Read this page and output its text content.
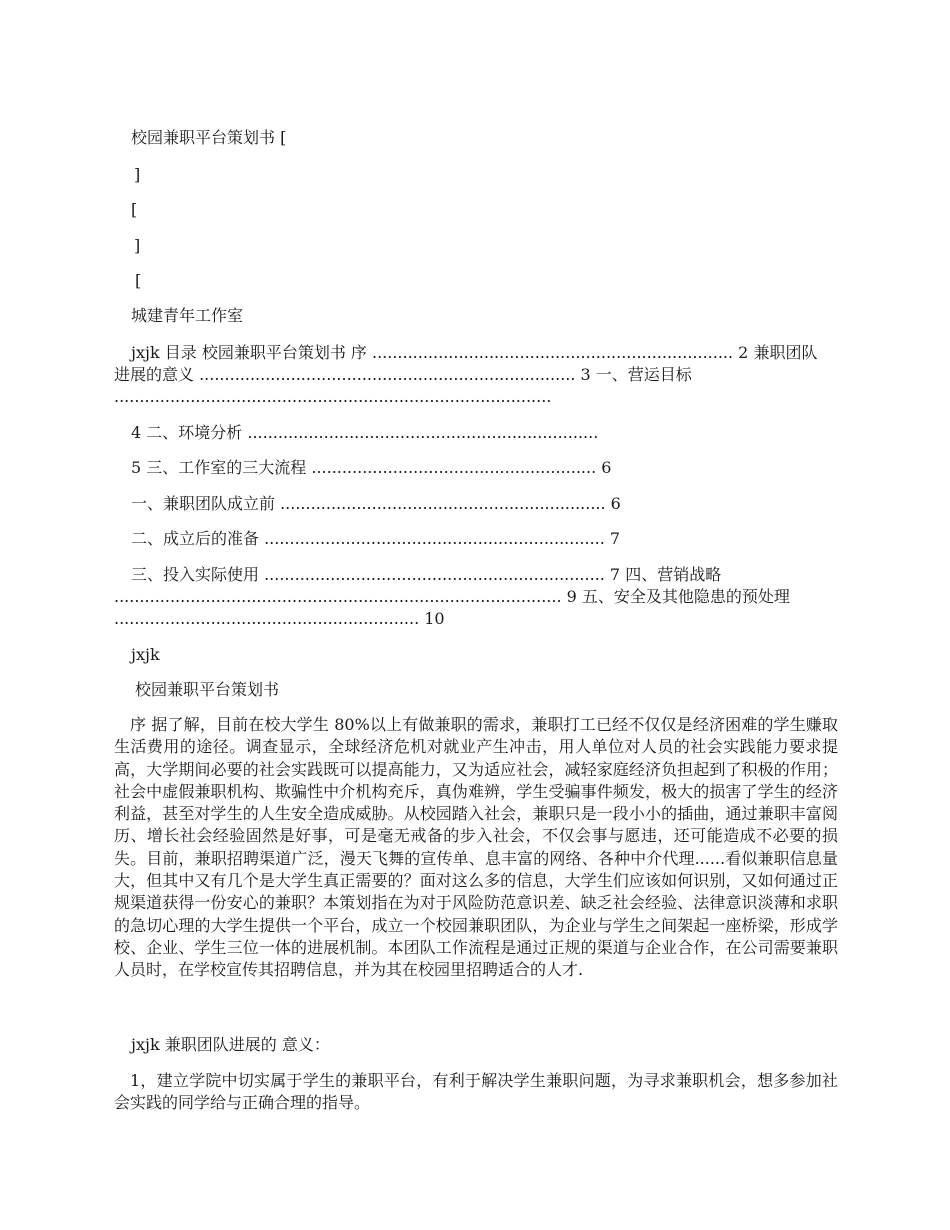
校园兼职平台策划书 [
]
[
]
[
城建青年工作室
jxjk 目录 校园兼职平台策划书 序 ....................................................................... 2 兼职团队
进展的意义 .......................................................................... 3 一、营运目标
......................................................................................
4 二、环境分析 .....................................................................
5 三、工作室的三大流程 ........................................................ 6
一、兼职团队成立前 ................................................................ 6
二、成立后的准备 ................................................................... 7
三、投入实际使用 ................................................................... 7 四、营销战略
........................................................................................ 9 五、安全及其他隐患的预处理
............................................................ 10
jxjk
校园兼职平台策划书

序 据了解，目前在校大学生 80%以上有做兼职的需求，兼职打工已经不仅仅是经济困难的学生赚取生活费用的途径。调查显示，全球经济危机对就业产生冲击，用人单位对人员的社会实践能力要求提高，大学期间必要的社会实践既可以提高能力，又为适应社会，减轻家庭经济负担起到了积极的作用；社会中虚假兼职机构、欺骗性中介机构充斥，真伪难辨，学生受骗事件频发，极大的损害了学生的经济利益，甚至对学生的人生安全造成威胁。从校园踏入社会，兼职只是一段小小的插曲，通过兼职丰富阅历、增长社会经验固然是好事，可是毫无戒备的步入社会，不仅会事与愿违，还可能造成不必要的损失。目前，兼职招聘渠道广泛，漫天飞舞的宣传单、息丰富的网络、各种中介代理......看似兼职信息量大，但其中又有几个是大学生真正需要的？面对这么多的信息，大学生们应该如何识别，又如何通过正规渠道获得一份安心的兼职？本策划指在为对于风险防范意识差、缺乏社会经验、法律意识淡薄和求职的急切心理的大学生提供一个平台，成立一个校园兼职团队，为企业与学生之间架起一座桥梁，形成学校、企业、学生三位一体的进展机制。本团队工作流程是通过正规的渠道与企业合作，在公司需要兼职人员时，在学校宣传其招聘信息，并为其在校园里招聘适合的人才.

jxjk 兼职团队进展的 意义：

1，建立学院中切实属于学生的兼职平台，有利于解决学生兼职问题，为寻求兼职机会，想多参加社会实践的同学给与正确合理的指导。
